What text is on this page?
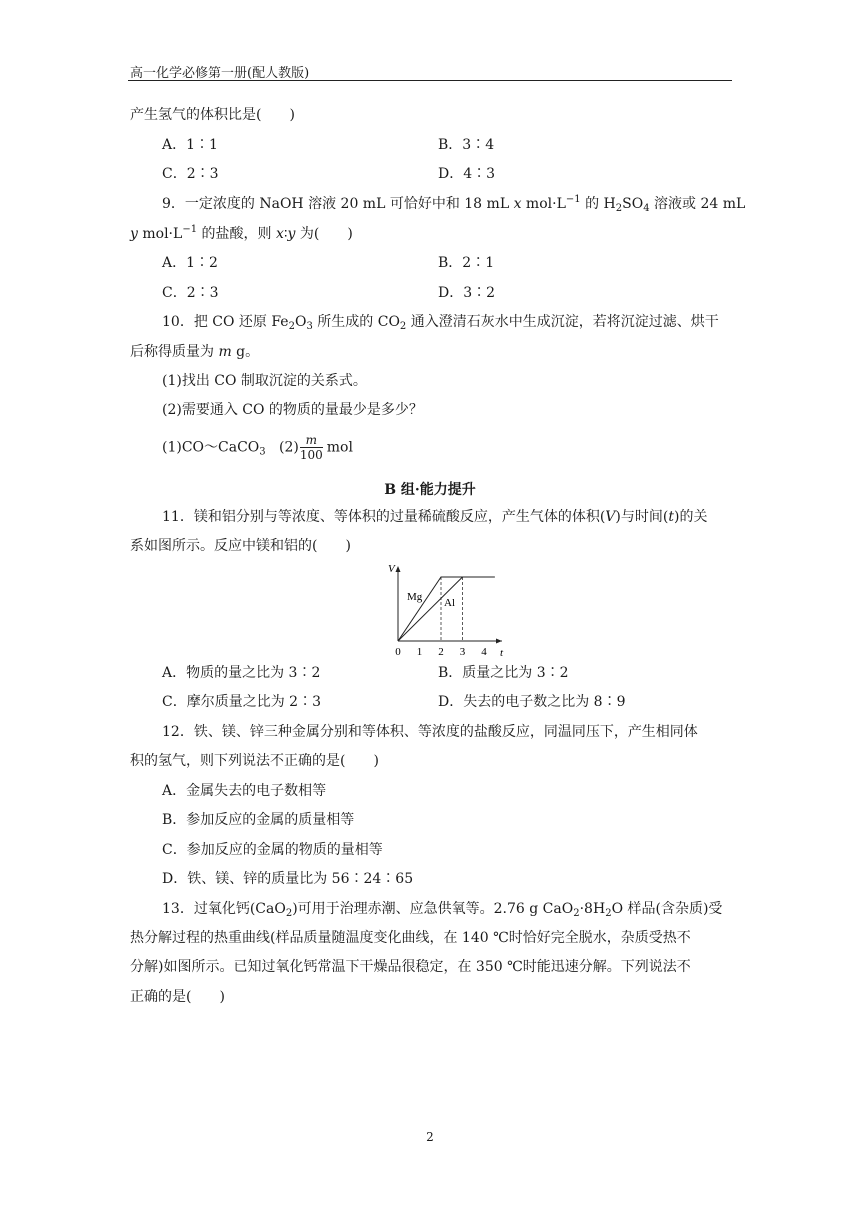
高一化学必修第一册(配人教版)
产生氢气的体积比是(　　)
A．1∶1	B．3∶4
C．2∶3	D．4∶3
9．一定浓度的 NaOH 溶液 20 mL 可恰好中和 18 mL x $mol\cdot L^{-1}$ 的 $H_2SO_4$ 溶液或 24 mL
y $mol\cdot L^{-1}$ 的盐酸，则 x∶y 为(　　)
A．1∶2	B．2∶1
C．2∶3	D．3∶2
10．把 CO 还原 $Fe_2O_3$ 所生成的 $CO_2$ 通入澄清石灰水中生成沉淀，若将沉淀过滤、烘干
后称得质量为 m g。
(1)找出 CO 制取沉淀的关系式。
(2)需要通入 CO 的物质的量最少是多少？
(1)CO～CaCO$_3$ $(2) \frac{m}{100}$ mol
B 组·能力提升
11．镁和铝分别与等浓度、等体积的过量稀硫酸反应，产生气体的体积(V)与时间(t)的关
系如图所示。反应中镁和铝的(　　)
V
t
0 1 2 3 4
Mg Al
A．物质的量之比为 3∶2	B．质量之比为 3∶2
C．摩尔质量之比为 2∶3	D．失去的电子数之比为 8∶9
12．铁、镁、锌三种金属分别和等体积、等浓度的盐酸反应，同温同压下，产生相同体
积的氢气，则下列说法不正确的是(　　)
A．金属失去的电子数相等
B．参加反应的金属的质量相等
C．参加反应的金属的物质的量相等
D．铁、镁、锌的质量比为 56∶24∶65
13．过氧化钙(CaO$_2$)可用于治理赤潮、应急供氧等。2.76 g $CaO_2\cdot 8H_2O$ 样品(含杂质)受
热分解过程的热重曲线(样品质量随温度变化曲线，在 140 ℃时恰好完全脱水，杂质受热不
分解)如图所示。已知过氧化钙常温下干燥品很稳定，在 350 ℃时能迅速分解。下列说法不
正确的是(　　)
2
